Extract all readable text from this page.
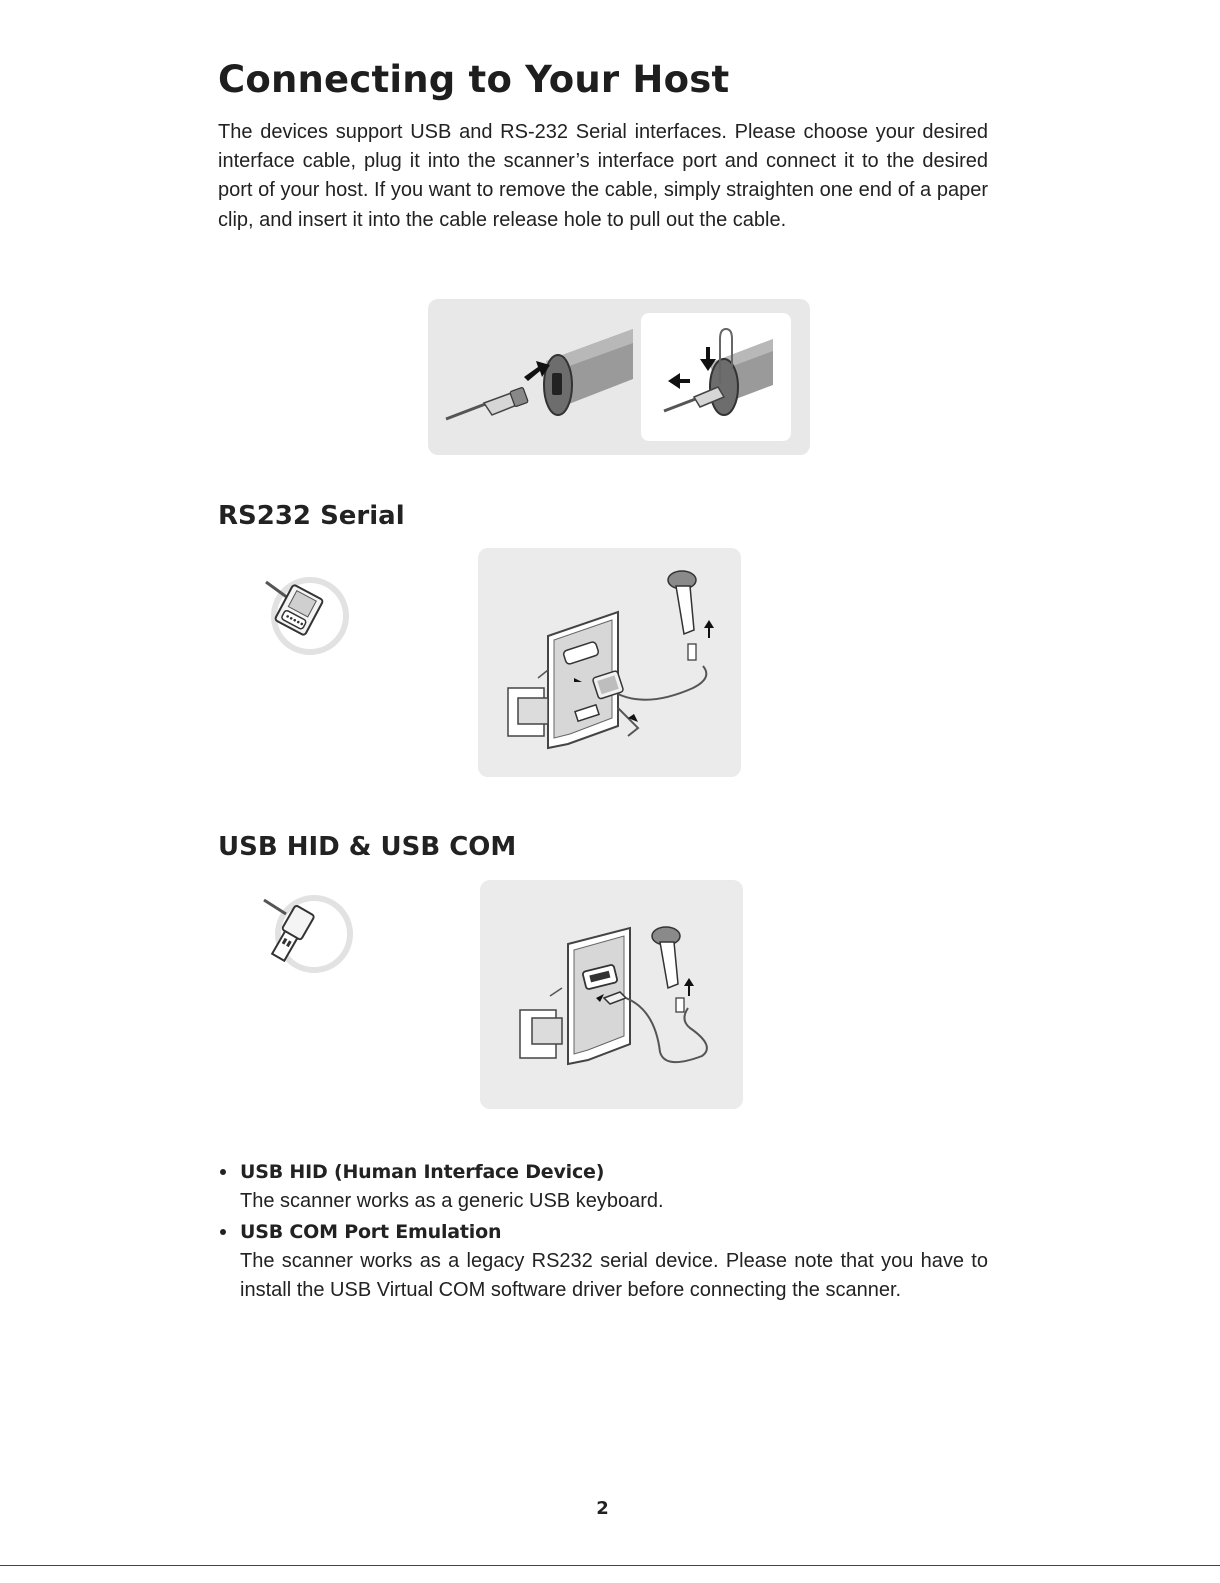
Connecting to Your Host

The devices support USB and RS-232 Serial interfaces. Please choose your desired interface cable, plug it into the scanner’s interface port and connect it to the desired port of your host. If you want to remove the cable, simply straighten one end of a paper clip, and insert it into the cable release hole to pull out the cable.

RS232 Serial
USB HID & USB COM
USB HID (Human Interface Device)
The scanner works as a generic USB keyboard.
USB COM Port Emulation
The scanner works as a legacy RS232 serial device. Please note that you have to install the USB Virtual COM software driver before connecting the scanner.
2
